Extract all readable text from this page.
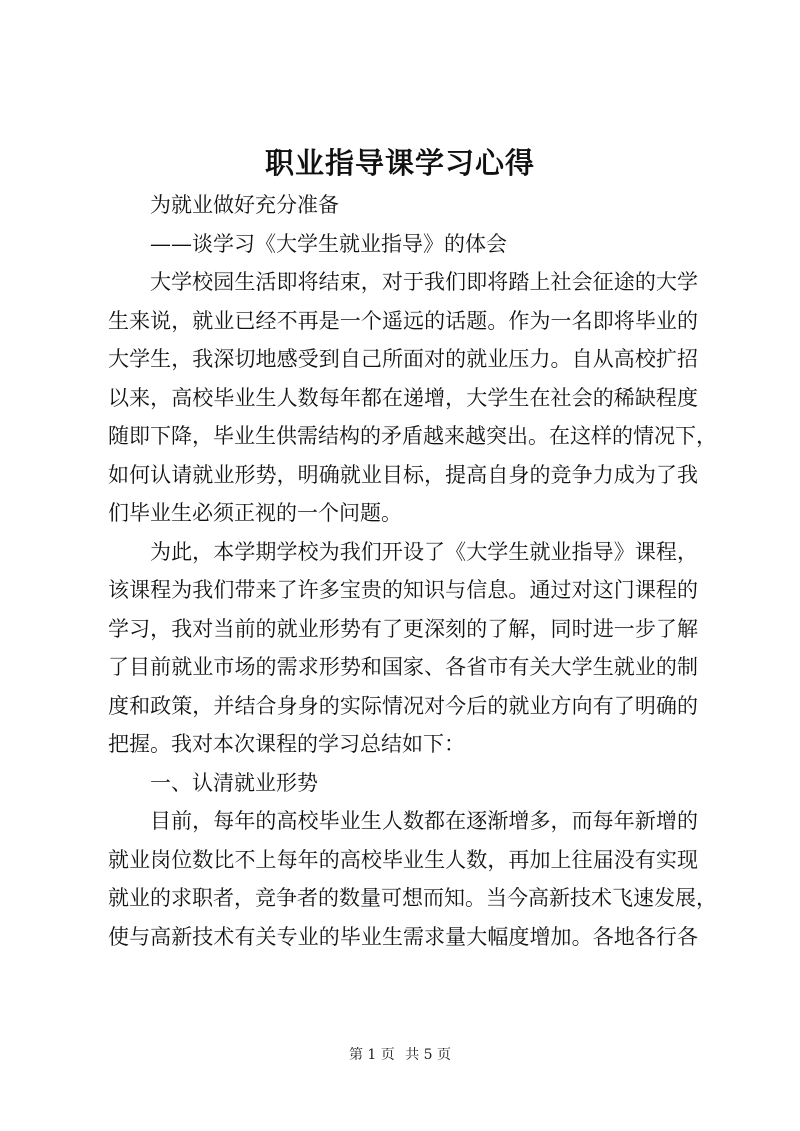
职业指导课学习心得
为就业做好充分准备
——谈学习《大学生就业指导》的体会
大学校园生活即将结束，对于我们即将踏上社会征途的大学
生来说，就业已经不再是一个遥远的话题。作为一名即将毕业的
大学生，我深切地感受到自己所面对的就业压力。自从高校扩招
以来，高校毕业生人数每年都在递增，大学生在社会的稀缺程度
随即下降，毕业生供需结构的矛盾越来越突出。在这样的情况下，
如何认请就业形势，明确就业目标，提高自身的竞争力成为了我
们毕业生必须正视的一个问题。
为此，本学期学校为我们开设了《大学生就业指导》课程，
该课程为我们带来了许多宝贵的知识与信息。通过对这门课程的
学习，我对当前的就业形势有了更深刻的了解，同时进一步了解
了目前就业市场的需求形势和国家、各省市有关大学生就业的制
度和政策，并结合身身的实际情况对今后的就业方向有了明确的
把握。我对本次课程的学习总结如下：
一、认清就业形势
目前，每年的高校毕业生人数都在逐渐增多，而每年新增的
就业岗位数比不上每年的高校毕业生人数，再加上往届没有实现
就业的求职者，竞争者的数量可想而知。当今高新技术飞速发展，
使与高新技术有关专业的毕业生需求量大幅度增加。各地各行各
第 1 页 共 5 页
